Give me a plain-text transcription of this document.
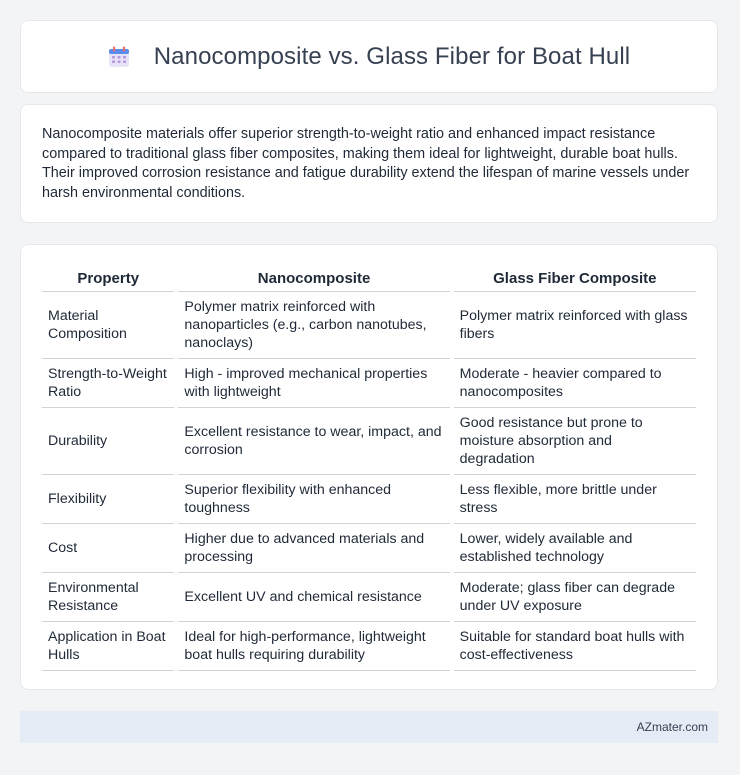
Nanocomposite vs. Glass Fiber for Boat Hull

Nanocomposite materials offer superior strength-to-weight ratio and enhanced impact resistance compared to traditional glass fiber composites, making them ideal for lightweight, durable boat hulls. Their improved corrosion resistance and fatigue durability extend the lifespan of marine vessels under harsh environmental conditions.

Property	Nanocomposite	Glass Fiber Composite
Material Composition	Polymer matrix reinforced with nanoparticles (e.g., carbon nanotubes, nanoclays)	Polymer matrix reinforced with glass fibers
Strength-to-Weight Ratio	High - improved mechanical properties with lightweight	Moderate - heavier compared to nanocomposites
Durability	Excellent resistance to wear, impact, and corrosion	Good resistance but prone to moisture absorption and degradation
Flexibility	Superior flexibility with enhanced toughness	Less flexible, more brittle under stress
Cost	Higher due to advanced materials and processing	Lower, widely available and established technology
Environmental Resistance	Excellent UV and chemical resistance	Moderate; glass fiber can degrade under UV exposure
Application in Boat Hulls	Ideal for high-performance, lightweight boat hulls requiring durability	Suitable for standard boat hulls with cost-effectiveness
AZmater.com
